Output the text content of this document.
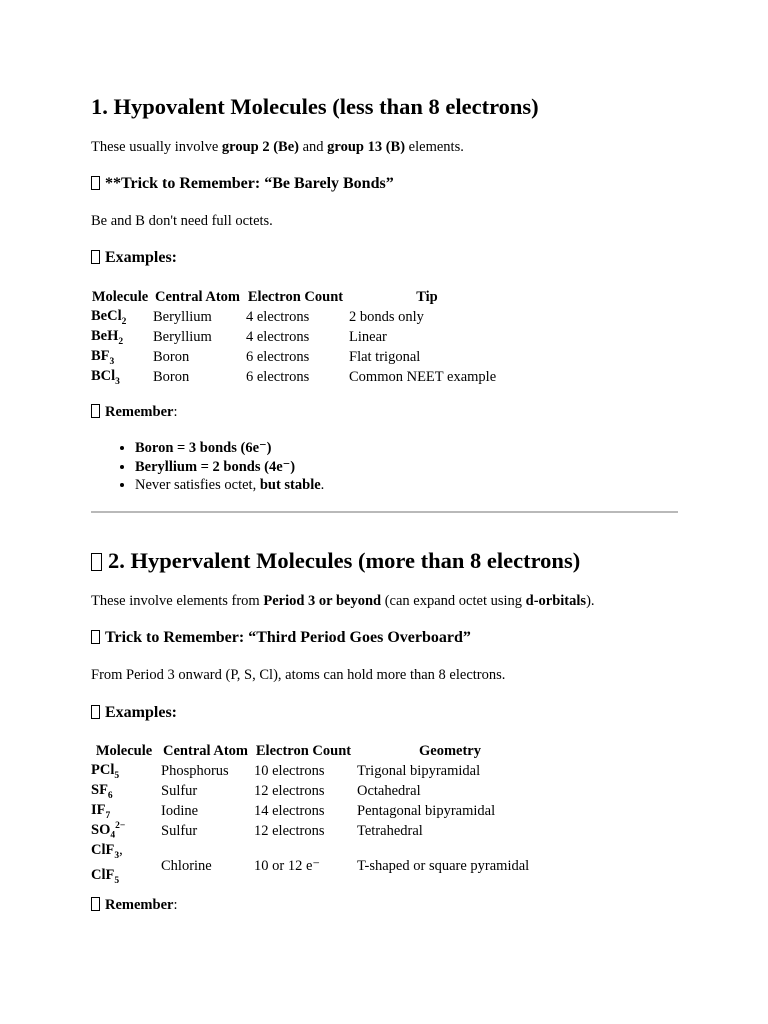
1. Hypovalent Molecules (less than 8 electrons)
These usually involve group 2 (Be) and group 13 (B) elements.
**Trick to Remember: “Be Barely Bonds”
Be and B don't need full octets.
Examples:
Molecule	Central Atom	Electron Count	Tip
BeCl$_2$	Beryllium	4 electrons	2 bonds only
BeH$_2$	Beryllium	4 electrons	Linear
$BF_3$	Boron	6 electrons	Flat trigonal
BCl$_3$	Boron	6 electrons	Common NEET example
Remember:
• Boron = 3 bonds (6e⁻)
• Beryllium = 2 bonds (4e⁻)
• Never satisfies octet, but stable.
2. Hypervalent Molecules (more than 8 electrons)
These involve elements from Period 3 or beyond (can expand octet using d-orbitals).
Trick to Remember: “Third Period Goes Overboard”
From Period 3 onward (P, S, Cl), atoms can hold more than 8 electrons.
Examples:
Molecule	Central Atom	Electron Count	Geometry
PCl$_5$	Phosphorus	10 electrons	Trigonal bipyramidal
$SF_6$	Sulfur	12 electrons	Octahedral
$IF_7$	Iodine	14 electrons	Pentagonal bipyramidal
$SO_4^{2-}$	Sulfur	12 electrons	Tetrahedral
ClF$_3$,
ClF$_5$	Chlorine	10 or 12 e⁻	T-shaped or square pyramidal
Remember:
